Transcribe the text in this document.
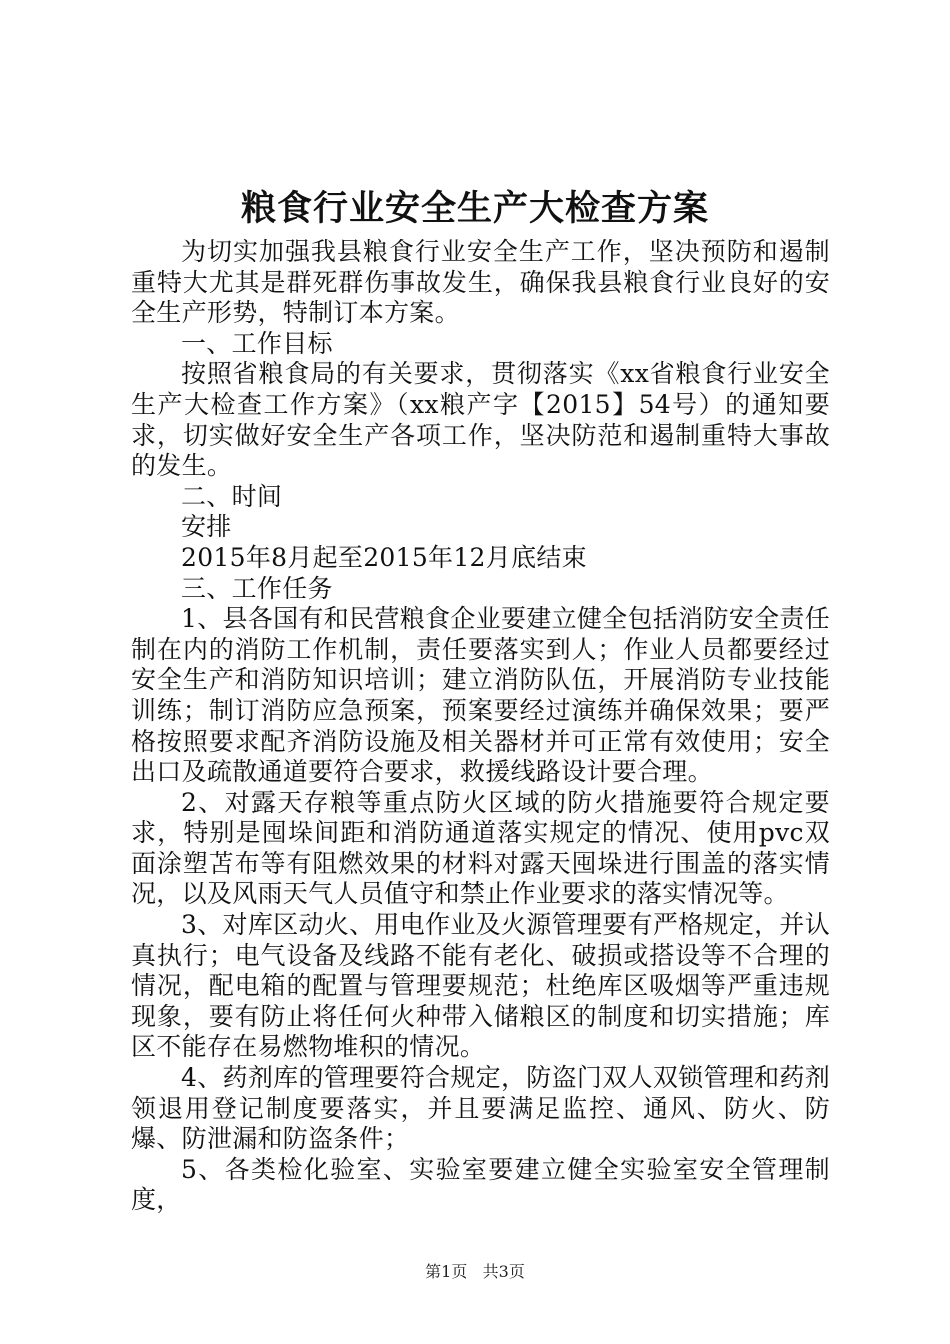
粮食行业安全生产大检查方案

为切实加强我县粮食行业安全生产工作，坚决预防和遏制重特大尤其是群死群伤事故发生，确保我县粮食行业良好的安全生产形势，特制订本方案。

一、工作目标

按照省粮食局的有关要求，贯彻落实《xx省粮食行业安全生产大检查工作方案》（xx粮产字【2015】54号）的通知要求，切实做好安全生产各项工作，坚决防范和遏制重特大事故的发生。

二、时间

安排

2015年8月起至2015年12月底结束

三、工作任务

1、县各国有和民营粮食企业要建立健全包括消防安全责任制在内的消防工作机制，责任要落实到人；作业人员都要经过安全生产和消防知识培训；建立消防队伍，开展消防专业技能训练；制订消防应急预案，预案要经过演练并确保效果；要严格按照要求配齐消防设施及相关器材并可正常有效使用；安全出口及疏散通道要符合要求，救援线路设计要合理。

2、对露天存粮等重点防火区域的防火措施要符合规定要求，特别是囤垛间距和消防通道落实规定的情况、使用pvc双面涂塑苫布等有阻燃效果的材料对露天囤垛进行围盖的落实情况，以及风雨天气人员值守和禁止作业要求的落实情况等。

3、对库区动火、用电作业及火源管理要有严格规定，并认真执行；电气设备及线路不能有老化、破损或搭设等不合理的情况，配电箱的配置与管理要规范；杜绝库区吸烟等严重违规现象，要有防止将任何火种带入储粮区的制度和切实措施；库区不能存在易燃物堆积的情况。

4、药剂库的管理要符合规定，防盗门双人双锁管理和药剂领退用登记制度要落实，并且要满足监控、通风、防火、防爆、防泄漏和防盗条件；

5、各类检化验室、实验室要建立健全实验室安全管理制度，

第1页 共3页
